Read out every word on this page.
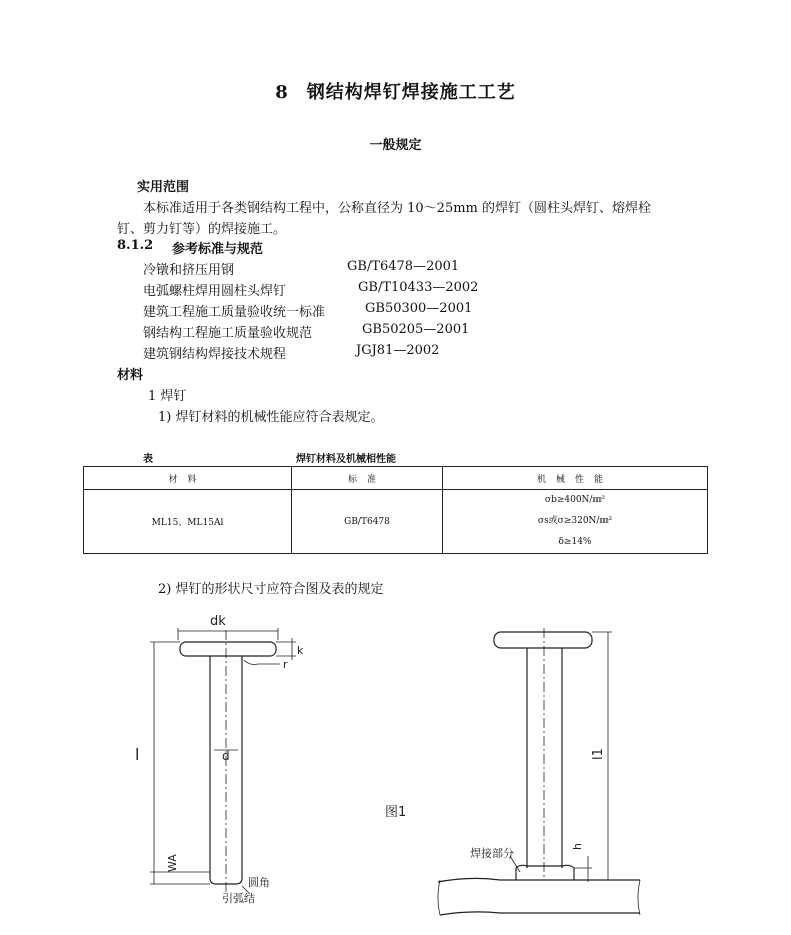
8 钢结构焊钉焊接施工工艺
一般规定
实用范围
本标准适用于各类钢结构工程中，公称直径为 10～25mm 的焊钉（圆柱头焊钉、熔焊栓
钉、剪力钉等）的焊接施工。
8.1.2 参考标准与规范
冷镦和挤压用钢	GB/T6478—2001
电弧螺柱焊用圆柱头焊钉	GB/T10433—2002
建筑工程施工质量验收统一标准	GB50300—2001
钢结构工程施工质量验收规范	GB50205—2001
建筑钢结构焊接技术规程	JGJ81—2002
材料
1 焊钉
1) 焊钉材料的机械性能应符合表规定。
表	焊钉材料及机械相性能
材料	标准	机械性能
ML15、ML15Al	GB/T6478	σb≥400N/㎜²
σs或σ≥320N/㎜²
δ≥14%
2) 焊钉的形状尺寸应符合图及表的规定
dk
k
r
d
l
WA
圆角
引弧结
图1
l1
h
焊接部分
